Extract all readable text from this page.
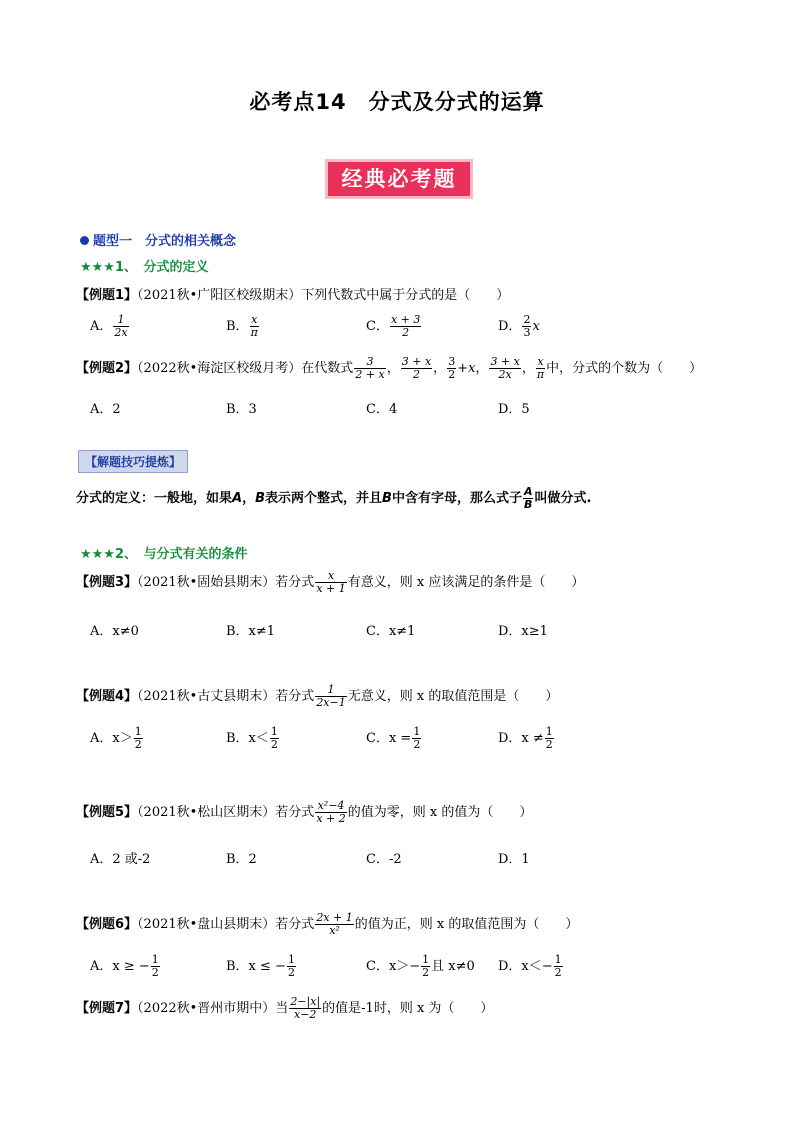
必考点14　分式及分式的运算
经典必考题
题型一　分式的相关概念
★★★1、　分式的定义
【例题1】（2021秋•广阳区校级期末）下列代数式中属于分式的是（　　）
A． $\frac{1}{2x}$	B． $\frac{x}{\pi}$	C． $\frac{x + 3}{2}$	D． $\frac{2}{3}$ x
【例题2】（2022秋•海淀区校级月考）在代数式 $\frac{3}{2 + x}$ ， $\frac{3 + x}{2}$ ， $\frac{3}{2} +x$， $\frac{3 + x}{2x}$ ， $\frac{x}{\pi}$ 中，分式的个数为（　　）
A．2	B．3	C．4	D．5
【解题技巧提炼】
分式的定义：一般地，如果A，B表示两个整式，并且B中含有字母，那么式子 $\frac{A}{B}$ 叫做分式.
★★★2、　与分式有关的条件
【例题3】（2021秋•固始县期末）若分式 $\frac{x}{x + 1}$ 有意义，则 x 应该满足的条件是（　　）
A．x≠0	B．x≠1	C．x≠1	D．x≥1
【例题4】（2021秋•古丈县期末）若分式 $\frac{1}{2x-1}$ 无意义，则 x 的取值范围是（　　）
A．$x> \frac{1}{2}$	B．$x< \frac{1}{2}$	C．$x = \frac{1}{2}$	D．$x \ne \frac{1}{2}$
【例题5】（2021秋•松山区期末）若分式 $\frac{\text{x²−4}}{x + 2}$ 的值为零，则 x 的值为（　　）
A．2 或-2	B．2	C．-2	D．1
【例题6】（2021秋•盘山县期末）若分式 $\frac{2x + 1}{\text{x²}}$ 的值为正，则 x 的取值范围为（　　）
A．x ≥ − $\frac{1}{2}$	B．x ≤ − $\frac{1}{2}$	C．$x>- \frac{1}{2}$ 且 x≠0 D．$x<- \frac{1}{2}$
【例题7】（2022秋•晋州市期中）当 $\frac{2-|x|}{x-2}$ 的值是-1时，则 x 为（　　）
